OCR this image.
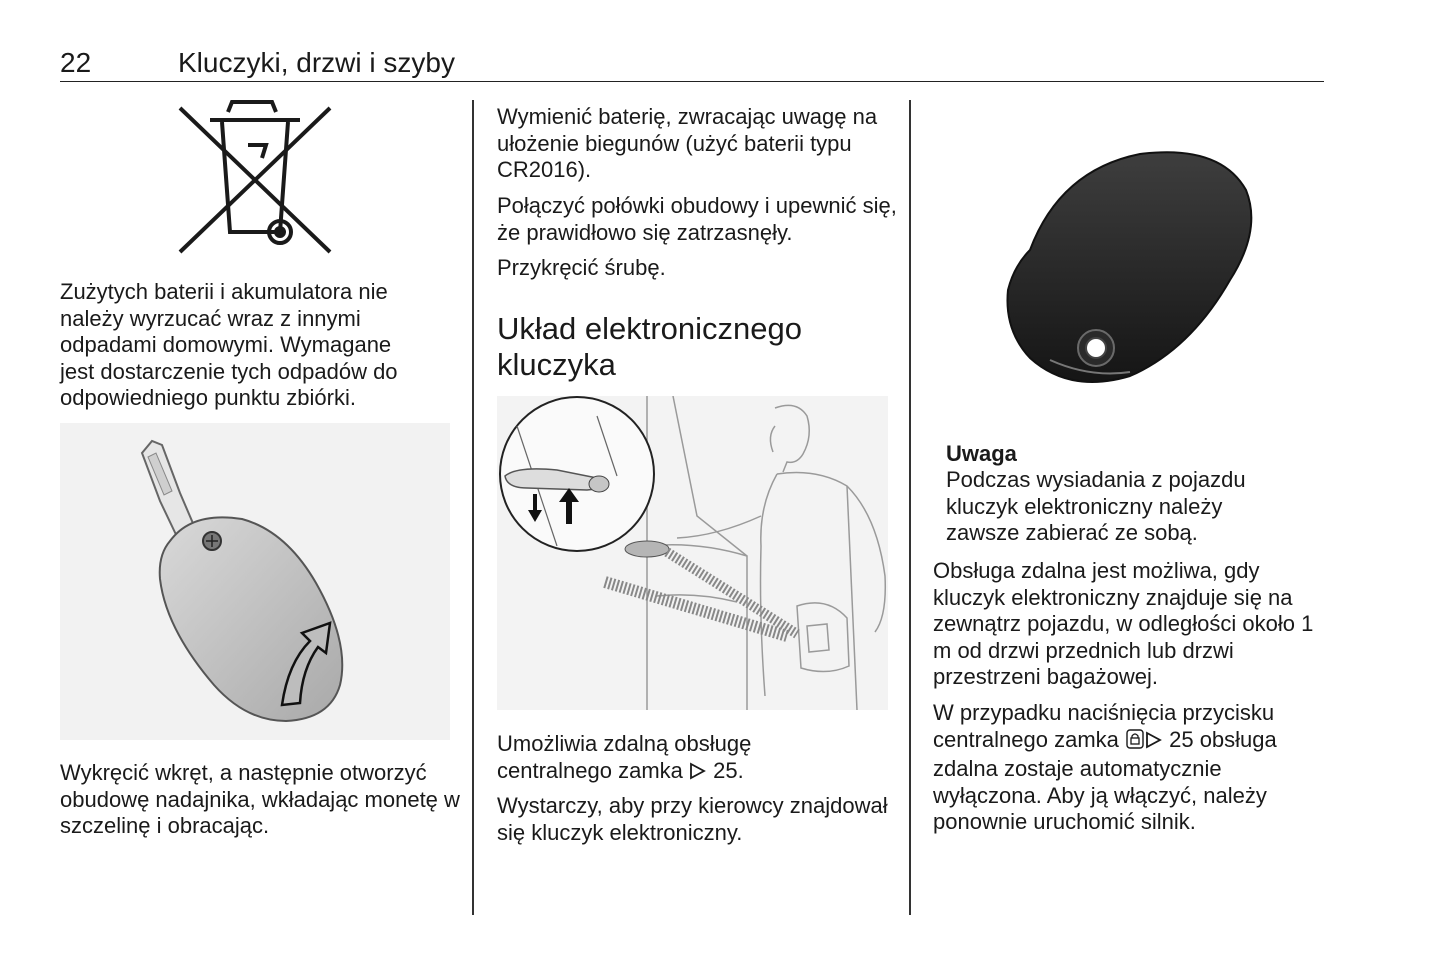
22	Kluczyki, drzwi i szyby

Zużytych baterii i akumulatora nie należy wyrzucać wraz z innymi odpadami domowymi. Wymagane jest dostarczenie tych odpadów do odpowiedniego punktu zbiórki.

Wykręcić wkręt, a następnie otworzyć obudowę nadajnika, wkładając monetę w szczelinę i obracając.

Wymienić baterię, zwracając uwagę na ułożenie biegunów (użyć baterii typu CR2016).

Połączyć połówki obudowy i upewnić się, że prawidłowo się zatrzasnęły.

Przykręcić śrubę.

Układ elektronicznego
kluczyka

Umożliwia zdalną obsługę centralnego zamka  25.

Wystarczy, aby przy kierowcy znajdował się kluczyk elektroniczny.

Uwaga

Podczas wysiadania z pojazdu kluczyk elektroniczny należy zawsze zabierać ze sobą.

Obsługa zdalna jest możliwa, gdy kluczyk elektroniczny znajduje się na zewnątrz pojazdu, w odległości około 1 m od drzwi przednich lub drzwi przestrzeni bagażowej.

W przypadku naciśnięcia przycisku centralnego zamka  25 obsługa zdalna zostaje automatycznie wyłączona. Aby ją włączyć, należy ponownie uruchomić silnik.
